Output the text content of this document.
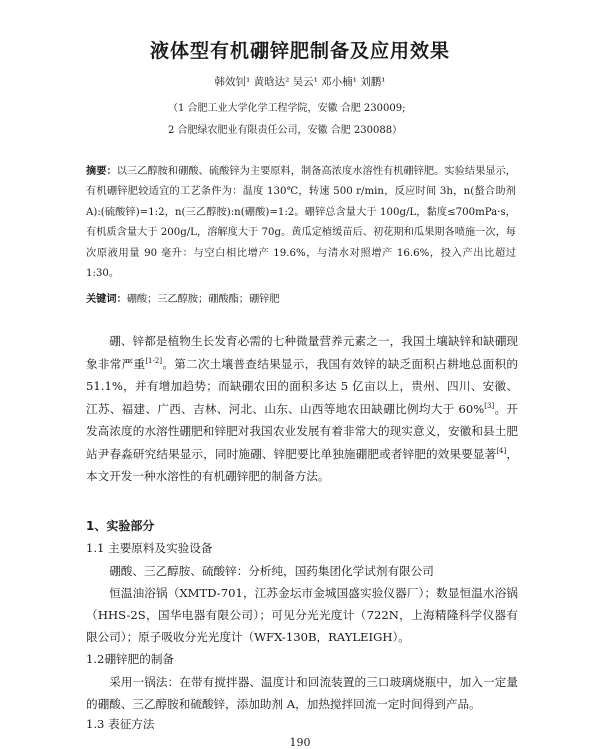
液体型有机硼锌肥制备及应用效果
韩效钊¹ 黄晗达² 吴云¹ 邓小楠¹ 刘鹏¹
（1 合肥工业大学化学工程学院，安徽 合肥 230009;
2 合肥绿农肥业有限责任公司，安徽 合肥 230088）
摘要：以三乙醇胺和硼酸、硫酸锌为主要原料，制备高浓度水溶性有机硼锌肥。实验结果显示，有机硼锌肥较适宜的工艺条件为：温度 130℃，转速 500 r/min，反应时间 3h，n(螯合助剂 A):(硫酸锌)=1:2，n(三乙醇胺):n(硼酸)=1:2。硼锌总含量大于 100g/L，黏度≤700mPa·s，有机质含量大于 200g/L，溶解度大于 70g。黄瓜定植缓苗后、初花期和瓜果期各喷施一次，每次原液用量 90 毫升：与空白相比增产 19.6%，与清水对照增产 16.6%，投入产出比超过 1:30。
关键词：硼酸；三乙醇胺；硼酸酯；硼锌肥
硼、锌都是植物生长发育必需的七种微量营养元素之一，我国土壤缺锌和缺硼现象非常严重[1-2]。第二次土壤普查结果显示，我国有效锌的缺乏面积占耕地总面积的 51.1%，并有增加趋势；而缺硼农田的面积多达 5 亿亩以上，贵州、四川、安徽、江苏、福建、广西、吉林、河北、山东、山西等地农田缺硼比例均大于 60%[3]。开发高浓度的水溶性硼肥和锌肥对我国农业发展有着非常大的现实意义，安徽和县土肥站尹春淼研究结果显示，同时施硼、锌肥要比单独施硼肥或者锌肥的效果要显著[4]，本文开发一种水溶性的有机硼锌肥的制备方法。
1、实验部分
1.1 主要原料及实验设备
硼酸、三乙醇胺、硫酸锌：分析纯，国药集团化学试剂有限公司
恒温油浴锅（XMTD-701，江苏金坛市金城国盛实验仪器厂）；数显恒温水浴锅（HHS-2S，国华电器有限公司）；可见分光光度计（722N，上海精隆科学仪器有限公司）；原子吸收分光光度计（WFX-130B，RAYLEIGH）。
1.2硼锌肥的制备
采用一锅法：在带有搅拌器、温度计和回流装置的三口玻璃烧瓶中，加入一定量的硼酸、三乙醇胺和硫酸锌，添加助剂 A，加热搅拌回流一定时间得到产品。
1.3 表征方法
190
